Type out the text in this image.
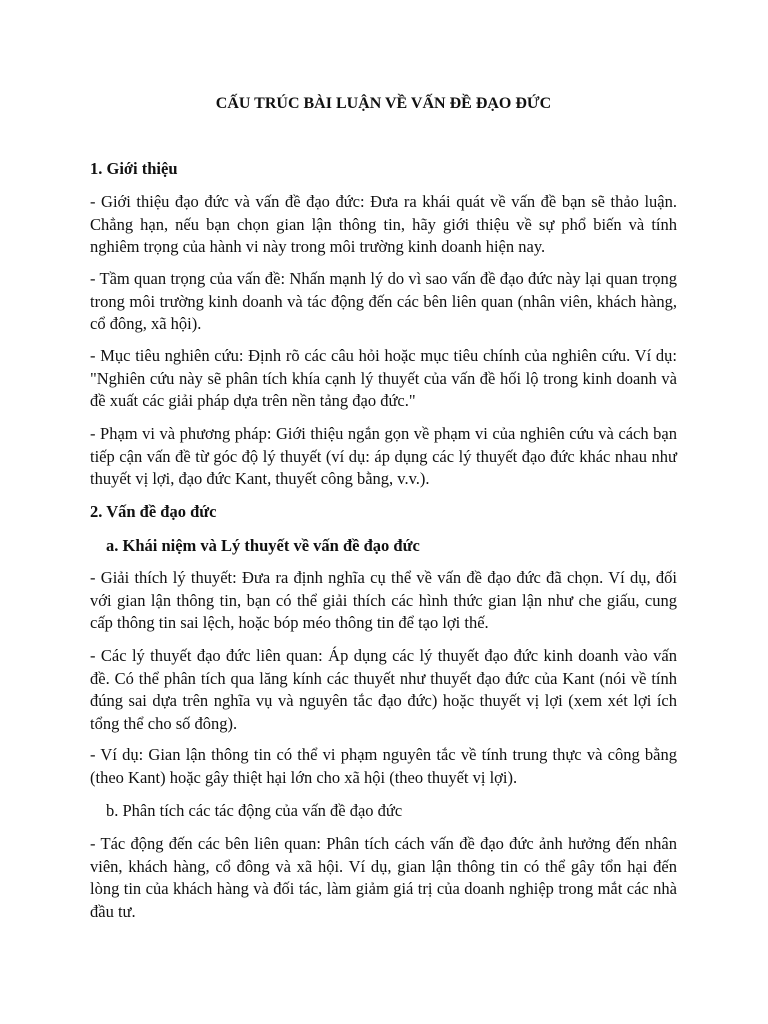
CẤU TRÚC BÀI LUẬN VỀ VẤN ĐỀ ĐẠO ĐỨC
1. Giới thiệu

- Giới thiệu đạo đức và vấn đề đạo đức: Đưa ra khái quát về vấn đề bạn sẽ thảo luận. Chẳng hạn, nếu bạn chọn gian lận thông tin, hãy giới thiệu về sự phổ biến và tính nghiêm trọng của hành vi này trong môi trường kinh doanh hiện nay.

- Tầm quan trọng của vấn đề: Nhấn mạnh lý do vì sao vấn đề đạo đức này lại quan trọng trong môi trường kinh doanh và tác động đến các bên liên quan (nhân viên, khách hàng, cổ đông, xã hội).

- Mục tiêu nghiên cứu: Định rõ các câu hỏi hoặc mục tiêu chính của nghiên cứu. Ví dụ: "Nghiên cứu này sẽ phân tích khía cạnh lý thuyết của vấn đề hối lộ trong kinh doanh và đề xuất các giải pháp dựa trên nền tảng đạo đức."

- Phạm vi và phương pháp: Giới thiệu ngắn gọn về phạm vi của nghiên cứu và cách bạn tiếp cận vấn đề từ góc độ lý thuyết (ví dụ: áp dụng các lý thuyết đạo đức khác nhau như thuyết vị lợi, đạo đức Kant, thuyết công bằng, v.v.).

2. Vấn đề đạo đức
a. Khái niệm và Lý thuyết về vấn đề đạo đức

- Giải thích lý thuyết: Đưa ra định nghĩa cụ thể về vấn đề đạo đức đã chọn. Ví dụ, đối với gian lận thông tin, bạn có thể giải thích các hình thức gian lận như che giấu, cung cấp thông tin sai lệch, hoặc bóp méo thông tin để tạo lợi thế.

- Các lý thuyết đạo đức liên quan: Áp dụng các lý thuyết đạo đức kinh doanh vào vấn đề. Có thể phân tích qua lăng kính các thuyết như thuyết đạo đức của Kant (nói về tính đúng sai dựa trên nghĩa vụ và nguyên tắc đạo đức) hoặc thuyết vị lợi (xem xét lợi ích tổng thể cho số đông).

- Ví dụ: Gian lận thông tin có thể vi phạm nguyên tắc về tính trung thực và công bằng (theo Kant) hoặc gây thiệt hại lớn cho xã hội (theo thuyết vị lợi).

b. Phân tích các tác động của vấn đề đạo đức

- Tác động đến các bên liên quan: Phân tích cách vấn đề đạo đức ảnh hưởng đến nhân viên, khách hàng, cổ đông và xã hội. Ví dụ, gian lận thông tin có thể gây tổn hại đến lòng tin của khách hàng và đối tác, làm giảm giá trị của doanh nghiệp trong mắt các nhà đầu tư.
